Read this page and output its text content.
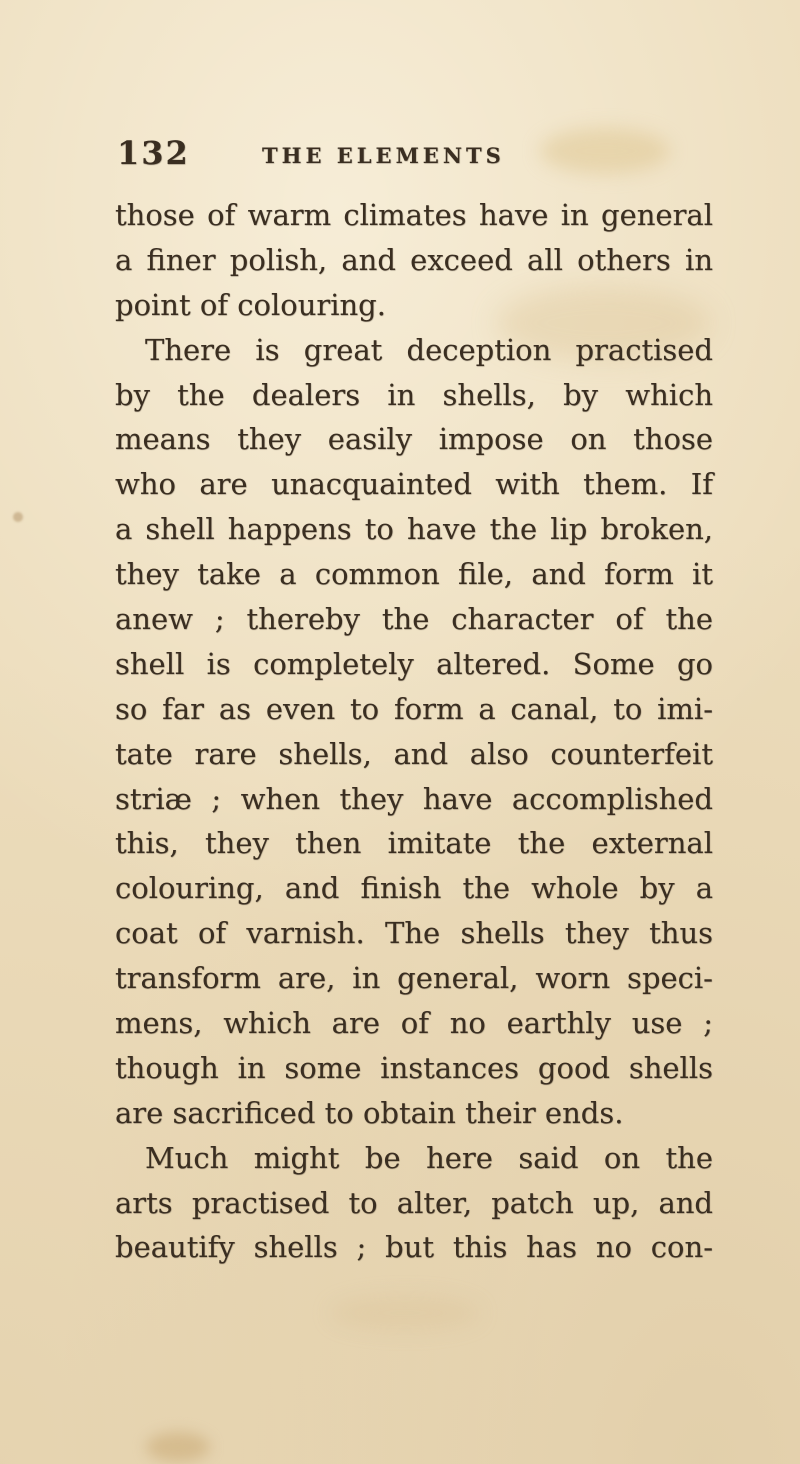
132	THE ELEMENTS
those of warm climates have in general
a finer polish, and exceed all others in
point of colouring.
There is great deception practised
by the dealers in shells, by which
means they easily impose on those
who are unacquainted with them. If
a shell happens to have the lip broken,
they take a common file, and form it
anew ; thereby the character of the
shell is completely altered. Some go
so far as even to form a canal, to imi-
tate rare shells, and also counterfeit
striæ ; when they have accomplished
this, they then imitate the external
colouring, and finish the whole by a
coat of varnish. The shells they thus
transform are, in general, worn speci-
mens, which are of no earthly use ;
though in some instances good shells
are sacrificed to obtain their ends.
Much might be here said on the
arts practised to alter, patch up, and
beautify shells ; but this has no con-
